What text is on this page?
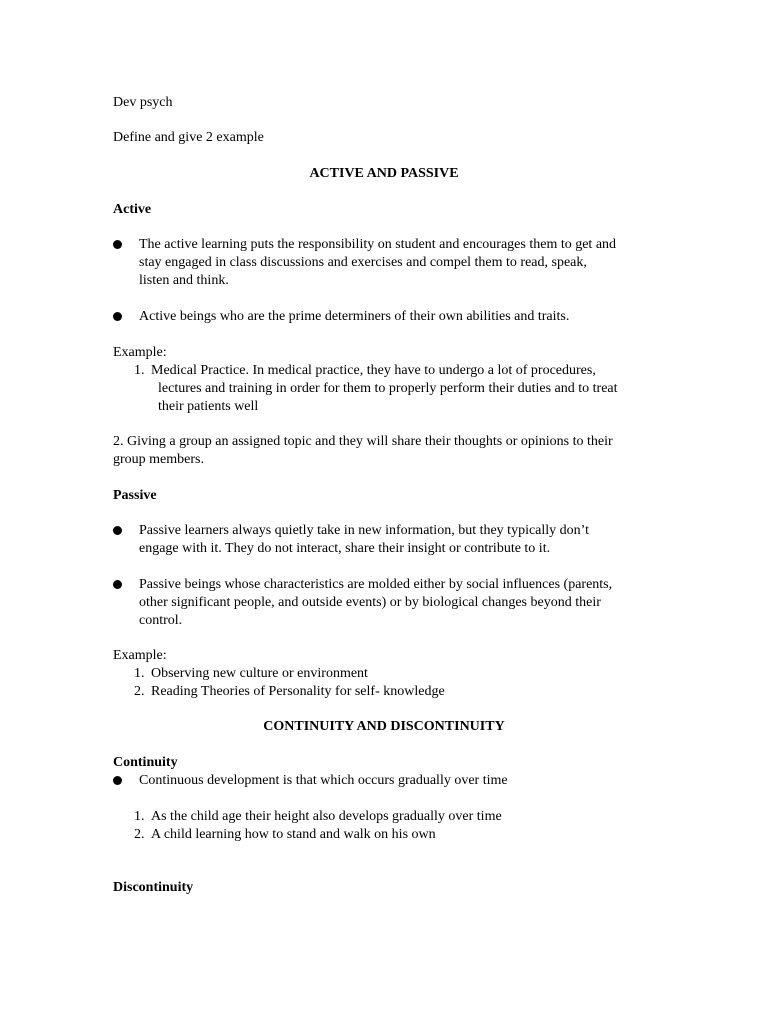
Dev psych
Define and give 2 example
ACTIVE AND PASSIVE
Active
The active learning puts the responsibility on student and encourages them to get and
stay engaged in class discussions and exercises and compel them to read, speak,
listen and think.
Active beings who are the prime determiners of their own abilities and traits.
Example:
1. Medical Practice. In medical practice, they have to undergo a lot of procedures,
lectures and training in order for them to properly perform their duties and to treat
their patients well
2. Giving a group an assigned topic and they will share their thoughts or opinions to their
group members.
Passive
Passive learners always quietly take in new information, but they typically don’t
engage with it. They do not interact, share their insight or contribute to it.
Passive beings whose characteristics are molded either by social influences (parents,
other significant people, and outside events) or by biological changes beyond their
control.
Example:
1. Observing new culture or environment
2. Reading Theories of Personality for self- knowledge
CONTINUITY AND DISCONTINUITY
Continuity
Continuous development is that which occurs gradually over time
1. As the child age their height also develops gradually over time
2. A child learning how to stand and walk on his own
Discontinuity
